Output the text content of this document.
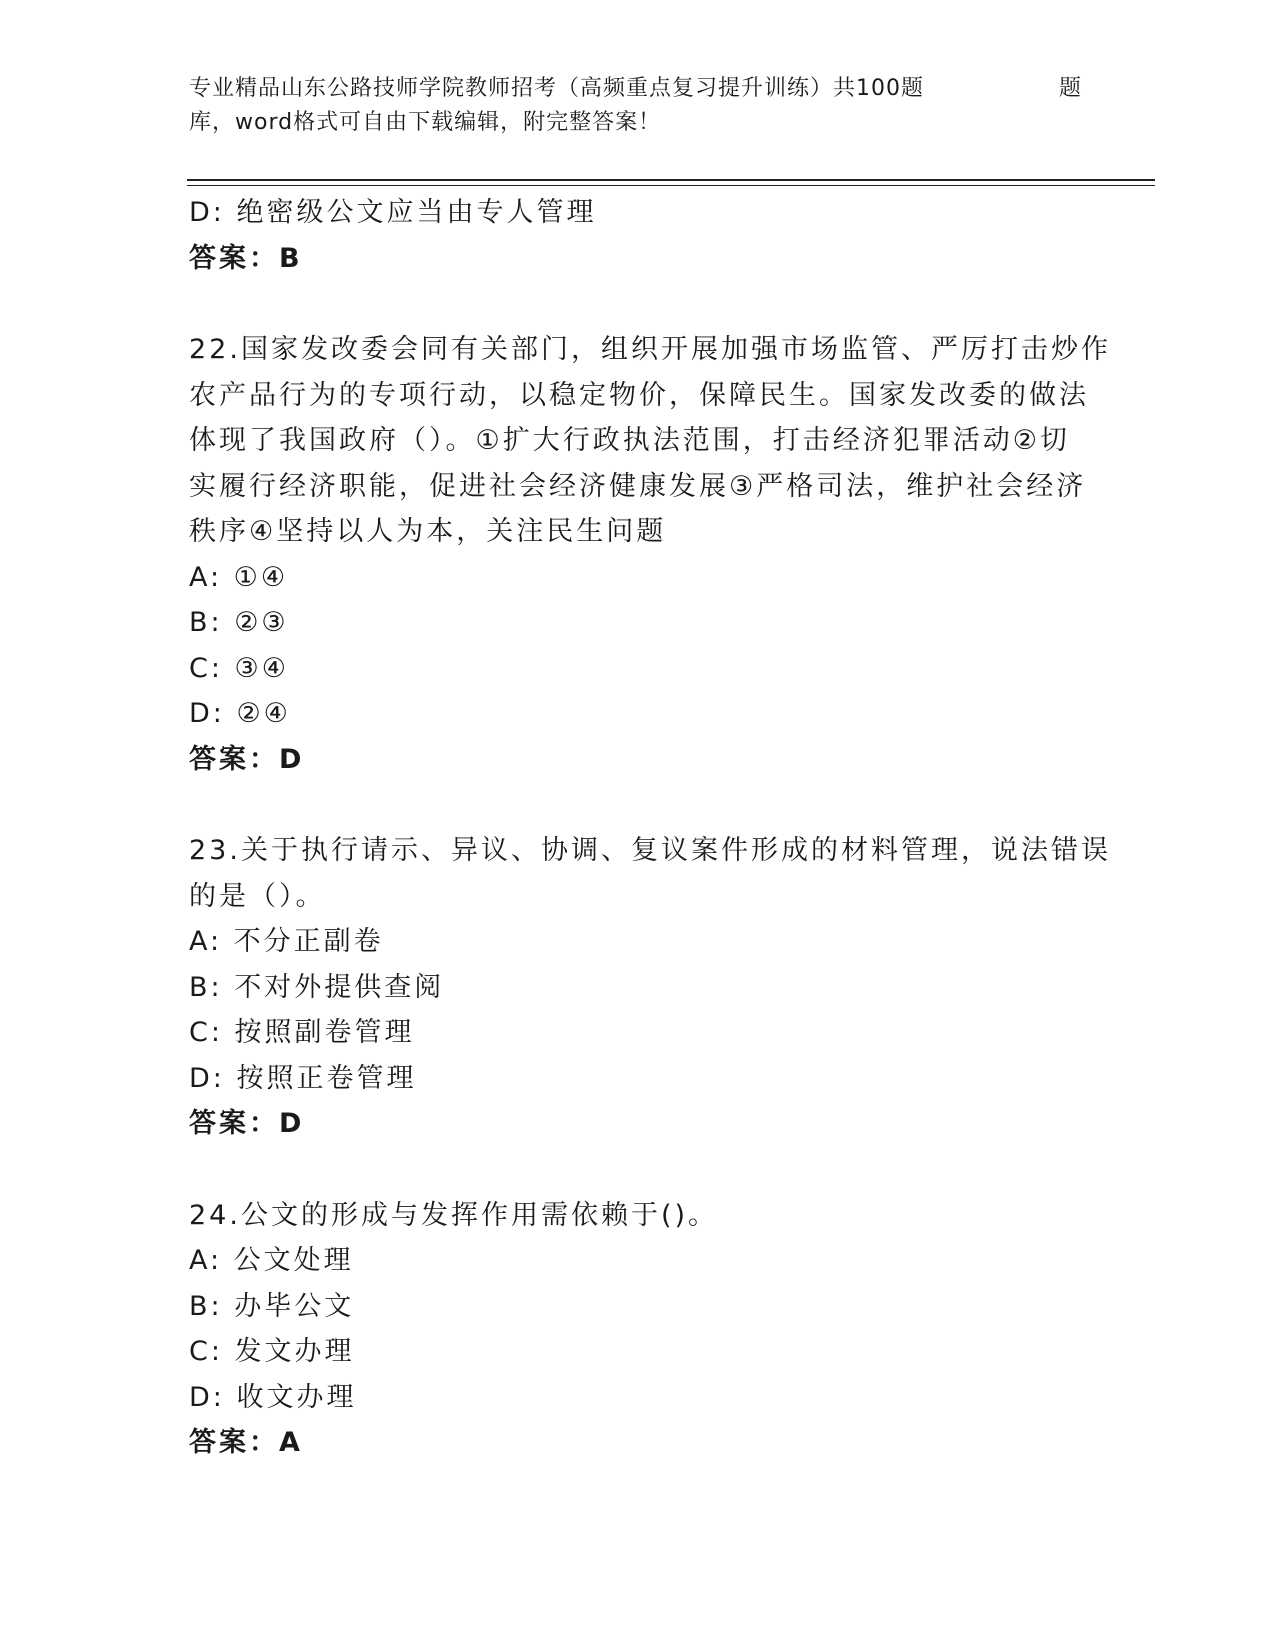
专业精品山东公路技师学院教师招考（高频重点复习提升训练）共100题	题
库，word格式可自由下载编辑，附完整答案！
D: 绝密级公文应当由专人管理
答案：B
22.国家发改委会同有关部门，组织开展加强市场监管、严厉打击炒作
农产品行为的专项行动，以稳定物价，保障民生。国家发改委的做法
体现了我国政府（）。①扩大行政执法范围，打击经济犯罪活动②切
实履行经济职能，促进社会经济健康发展③严格司法，维护社会经济
秩序④坚持以人为本，关注民生问题
A: ①④
B: ②③
C: ③④
D: ②④
答案：D
23.关于执行请示、异议、协调、复议案件形成的材料管理，说法错误
的是（）。
A: 不分正副卷
B: 不对外提供查阅
C: 按照副卷管理
D: 按照正卷管理
答案：D
24.公文的形成与发挥作用需依赖于()。
A: 公文处理
B: 办毕公文
C: 发文办理
D: 收文办理
答案：A
